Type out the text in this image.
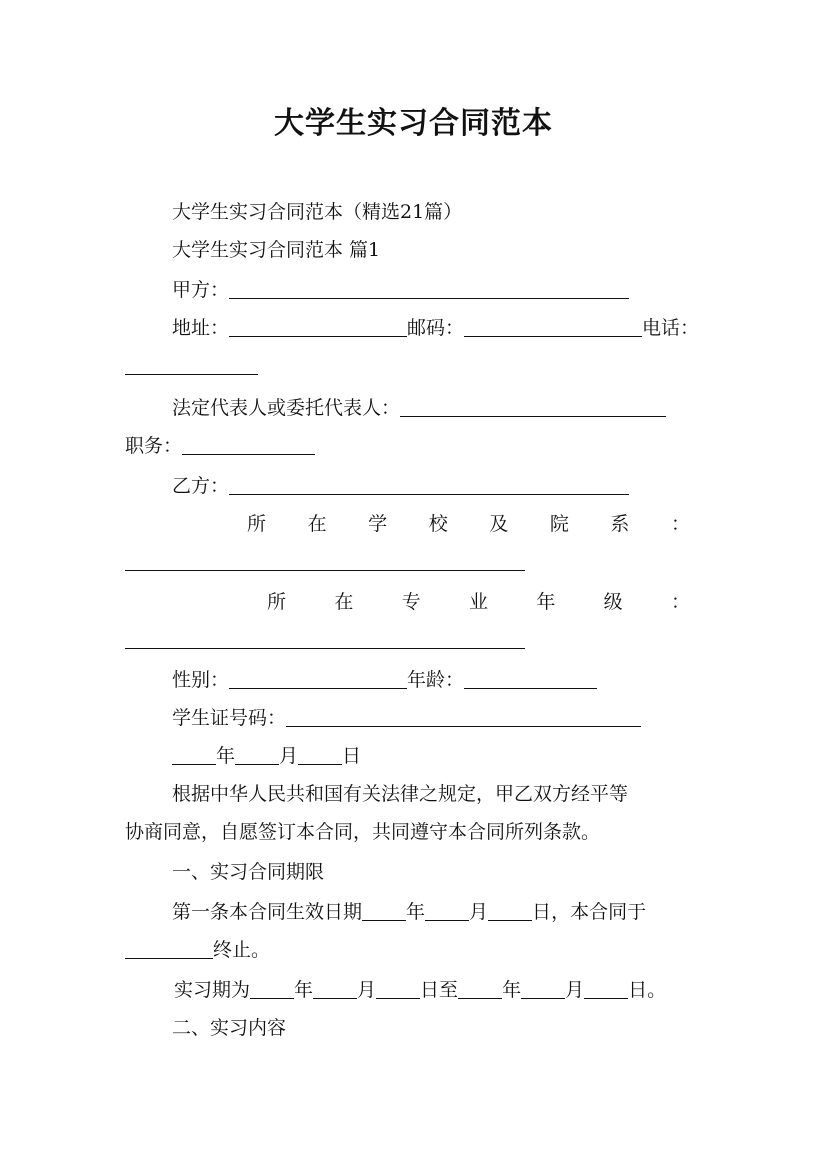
大学生实习合同范本
大学生实习合同范本（精选21篇）
大学生实习合同范本 篇1
甲方：
地址：	邮码：	电话：
法定代表人或委托代表人：
职务：
乙方：
所 在 学 校 及 院 系 ：
所	在	专	业	年	级	：
性别：	年龄：
学生证号码：
年 月 日
根据中华人民共和国有关法律之规定，甲乙双方经平等
协商同意，自愿签订本合同，共同遵守本合同所列条款。
一、实习合同期限
第一条本合同生效日期 年 月 日，本合同于
终止。
实习期为 年 月 日至 年 月 日。
二、实习内容
